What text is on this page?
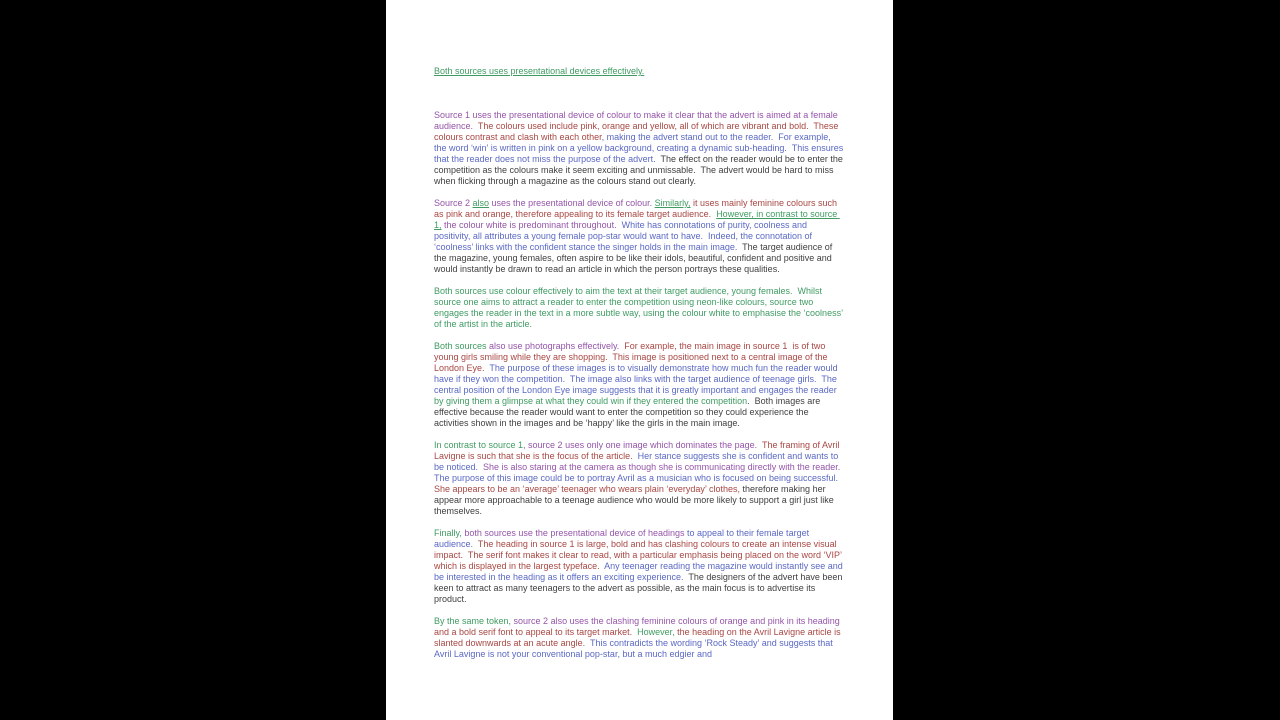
Both sources uses presentational devices effectively.

Source 1 uses the presentational device of colour to make it clear that the advert is aimed at a female audience.  The colours used include pink, orange and yellow, all of which are vibrant and bold.  These colours contrast and clash with each other, making the advert stand out to the reader.  For example, the word ‘win’ is written in pink on a yellow background, creating a dynamic sub-heading.  This ensures that the reader does not miss the purpose of the advert.  The effect on the reader would be to enter the competition as the colours make it seem exciting and unmissable.  The advert would be hard to miss when flicking through a magazine as the colours stand out clearly.

Source 2 also uses the presentational device of colour. Similarly, it uses mainly feminine colours such as pink and orange, therefore appealing to its female target audience.  However, in contrast to source 1, the colour white is predominant throughout.  White has connotations of purity, coolness and positivity, all attributes a young female pop-star would want to have.  Indeed, the connotation of ‘coolness’ links with the confident stance the singer holds in the main image.  The target audience of the magazine, young females, often aspire to be like their idols, beautiful, confident and positive and would instantly be drawn to read an article in which the person portrays these qualities.

Both sources use colour effectively to aim the text at their target audience, young females.  Whilst source one aims to attract a reader to enter the competition using neon-like colours, source two engages the reader in the text in a more subtle way, using the colour white to emphasise the ‘coolness’ of the artist in the article.

Both sources also use photographs effectively.  For example, the main image in source 1  is of two young girls smiling while they are shopping.  This image is positioned next to a central image of the London Eye.  The purpose of these images is to visually demonstrate how much fun the reader would have if they won the competition.  The image also links with the target audience of teenage girls.  The central position of the London Eye image suggests that it is greatly important and engages the reader by giving them a glimpse at what they could win if they entered the competition.  Both images are effective because the reader would want to enter the competition so they could experience the activities shown in the images and be ‘happy’ like the girls in the main image.

In contrast to source 1, source 2 uses only one image which dominates the page.  The framing of Avril Lavigne is such that she is the focus of the article.  Her stance suggests she is confident and wants to be noticed.  She is also staring at the camera as though she is communicating directly with the reader.  The purpose of this image could be to portray Avril as a musician who is focused on being successful.  She appears to be an ‘average’ teenager who wears plain ‘everyday’ clothes, therefore making her appear more approachable to a teenage audience who would be more likely to support a girl just like themselves.

Finally, both sources use the presentational device of headings to appeal to their female target audience.  The heading in source 1 is large, bold and has clashing colours to create an intense visual impact.  The serif font makes it clear to read, with a particular emphasis being placed on the word ‘VIP’ which is displayed in the largest typeface.  Any teenager reading the magazine would instantly see and be interested in the heading as it offers an exciting experience.  The designers of the advert have been keen to attract as many teenagers to the advert as possible, as the main focus is to advertise its product.

By the same token, source 2 also uses the clashing feminine colours of orange and pink in its heading and a bold serif font to appeal to its target market.  However, the heading on the Avril Lavigne article is slanted downwards at an acute angle.  This contradicts the wording ‘Rock Steady’ and suggests that Avril Lavigne is not your conventional pop-star, but a much edgier and
